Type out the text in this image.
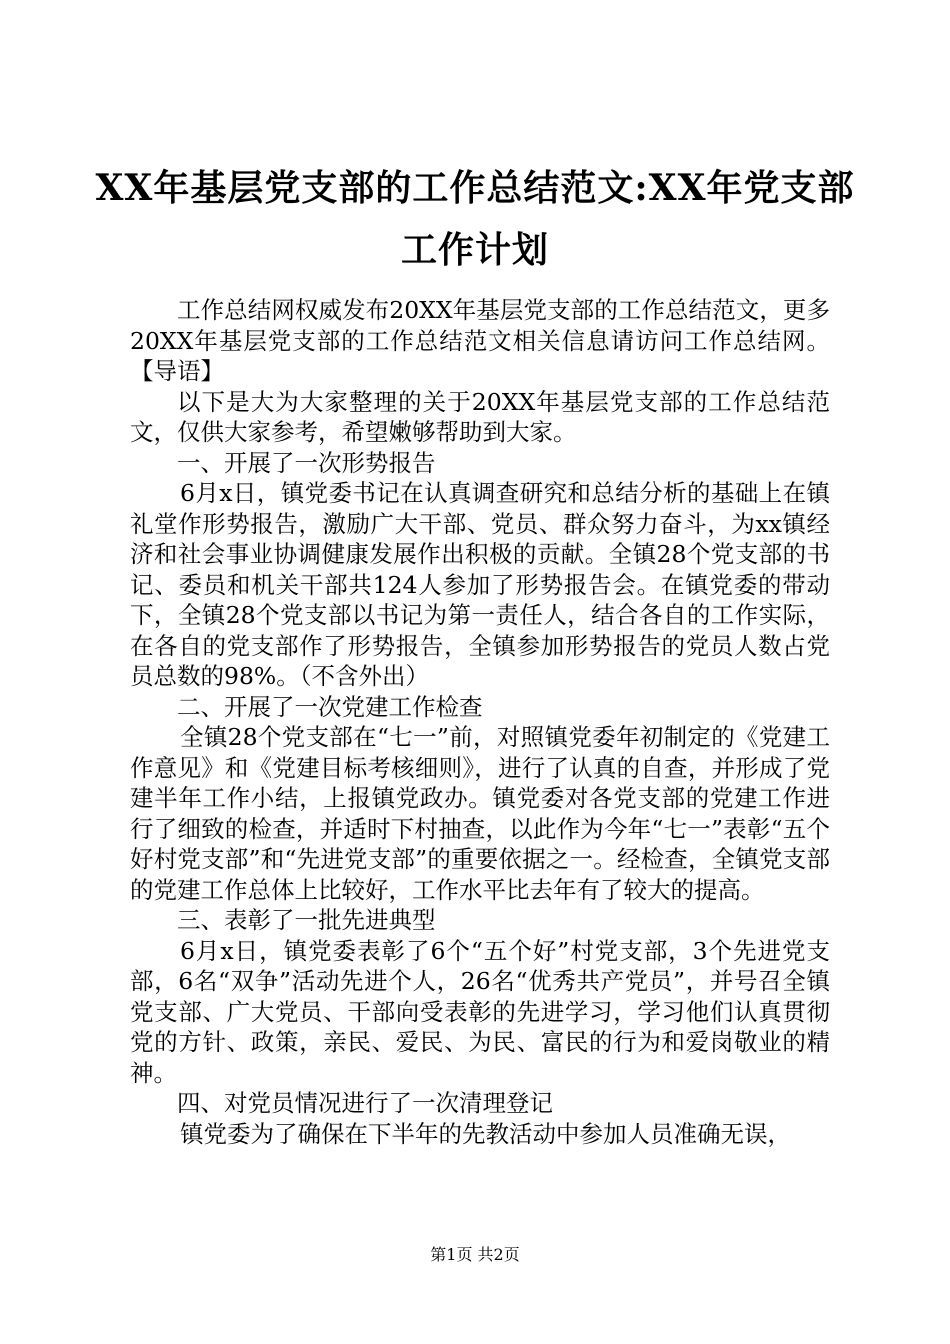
XX年基层党支部的工作总结范文:XX年党支部
工作计划

工作总结网权威发布20XX年基层党支部的工作总结范文，更多20XX年基层党支部的工作总结范文相关信息请访问工作总结网。【导语】

以下是大为大家整理的关于20XX年基层党支部的工作总结范文，仅供大家参考，希望嫩够帮助到大家。

一、开展了一次形势报告

6月x日，镇党委书记在认真调查研究和总结分析的基础上在镇礼堂作形势报告，激励广大干部、党员、群众努力奋斗，为xx镇经济和社会事业协调健康发展作出积极的贡献。全镇28个党支部的书记、委员和机关干部共124人参加了形势报告会。在镇党委的带动下，全镇28个党支部以书记为第一责任人，结合各自的工作实际，在各自的党支部作了形势报告，全镇参加形势报告的党员人数占党员总数的98%。（不含外出）

二、开展了一次党建工作检查

全镇28个党支部在“七一”前，对照镇党委年初制定的《党建工作意见》和《党建目标考核细则》，进行了认真的自查，并形成了党建半年工作小结，上报镇党政办。镇党委对各党支部的党建工作进行了细致的检查，并适时下村抽查，以此作为今年“七一”表彰“五个好村党支部”和“先进党支部”的重要依据之一。经检查，全镇党支部的党建工作总体上比较好，工作水平比去年有了较大的提高。

三、表彰了一批先进典型

6月x日，镇党委表彰了6个“五个好”村党支部，3个先进党支部，6名“双争”活动先进个人，26名“优秀共产党员”，并号召全镇党支部、广大党员、干部向受表彰的先进学习，学习他们认真贯彻党的方针、政策，亲民、爱民、为民、富民的行为和爱岗敬业的精神。

四、对党员情况进行了一次清理登记

镇党委为了确保在下半年的先教活动中参加人员准确无误，

第1页 共2页
